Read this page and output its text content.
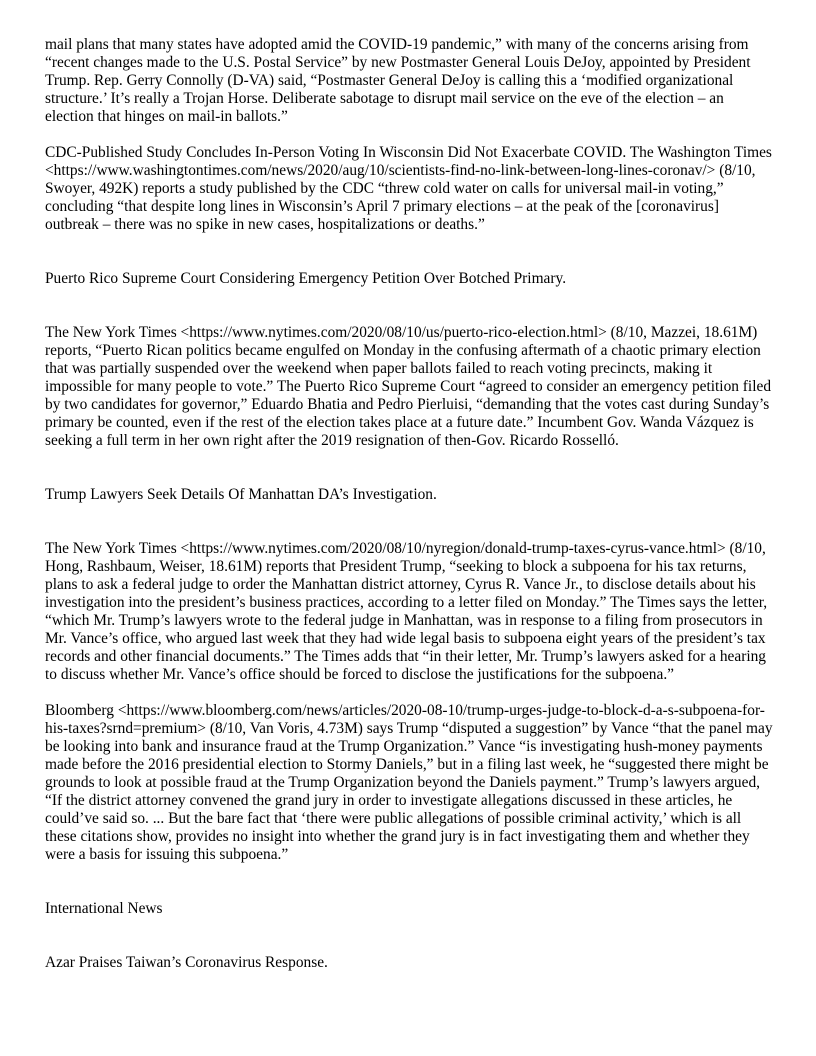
mail plans that many states have adopted amid the COVID-19 pandemic,” with many of the concerns arising from “recent changes made to the U.S. Postal Service” by new Postmaster General Louis DeJoy, appointed by President Trump. Rep. Gerry Connolly (D-VA) said, “Postmaster General DeJoy is calling this a ‘modified organizational structure.’ It’s really a Trojan Horse. Deliberate sabotage to disrupt mail service on the eve of the election – an election that hinges on mail-in ballots.”

CDC-Published Study Concludes In-Person Voting In Wisconsin Did Not Exacerbate COVID. The Washington Times <https://www.washingtontimes.com/news/2020/aug/10/scientists-find-no-link-between-long-lines-coronav/> (8/10, Swoyer, 492K) reports a study published by the CDC “threw cold water on calls for universal mail-in voting,” concluding “that despite long lines in Wisconsin’s April 7 primary elections – at the peak of the [coronavirus] outbreak – there was no spike in new cases, hospitalizations or deaths.”

Puerto Rico Supreme Court Considering Emergency Petition Over Botched Primary.

The New York Times <https://www.nytimes.com/2020/08/10/us/puerto-rico-election.html> (8/10, Mazzei, 18.61M) reports, “Puerto Rican politics became engulfed on Monday in the confusing aftermath of a chaotic primary election that was partially suspended over the weekend when paper ballots failed to reach voting precincts, making it impossible for many people to vote.” The Puerto Rico Supreme Court “agreed to consider an emergency petition filed by two candidates for governor,” Eduardo Bhatia and Pedro Pierluisi, “demanding that the votes cast during Sunday’s primary be counted, even if the rest of the election takes place at a future date.” Incumbent Gov. Wanda Vázquez is seeking a full term in her own right after the 2019 resignation of then-Gov. Ricardo Rosselló.

Trump Lawyers Seek Details Of Manhattan DA’s Investigation.

The New York Times <https://www.nytimes.com/2020/08/10/nyregion/donald-trump-taxes-cyrus-vance.html> (8/10, Hong, Rashbaum, Weiser, 18.61M) reports that President Trump, “seeking to block a subpoena for his tax returns, plans to ask a federal judge to order the Manhattan district attorney, Cyrus R. Vance Jr., to disclose details about his investigation into the president’s business practices, according to a letter filed on Monday.” The Times says the letter, “which Mr. Trump’s lawyers wrote to the federal judge in Manhattan, was in response to a filing from prosecutors in Mr. Vance’s office, who argued last week that they had wide legal basis to subpoena eight years of the president’s tax records and other financial documents.” The Times adds that “in their letter, Mr. Trump’s lawyers asked for a hearing to discuss whether Mr. Vance’s office should be forced to disclose the justifications for the subpoena.”

Bloomberg <https://www.bloomberg.com/news/articles/2020-08-10/trump-urges-judge-to-block-d-a-s-subpoena-for-his-taxes?srnd=premium> (8/10, Van Voris, 4.73M) says Trump “disputed a suggestion” by Vance “that the panel may be looking into bank and insurance fraud at the Trump Organization.” Vance “is investigating hush-money payments made before the 2016 presidential election to Stormy Daniels,” but in a filing last week, he “suggested there might be grounds to look at possible fraud at the Trump Organization beyond the Daniels payment.” Trump’s lawyers argued, “If the district attorney convened the grand jury in order to investigate allegations discussed in these articles, he could’ve said so. ... But the bare fact that ‘there were public allegations of possible criminal activity,’ which is all these citations show, provides no insight into whether the grand jury is in fact investigating them and whether they were a basis for issuing this subpoena.”

International News

Azar Praises Taiwan’s Coronavirus Response.
